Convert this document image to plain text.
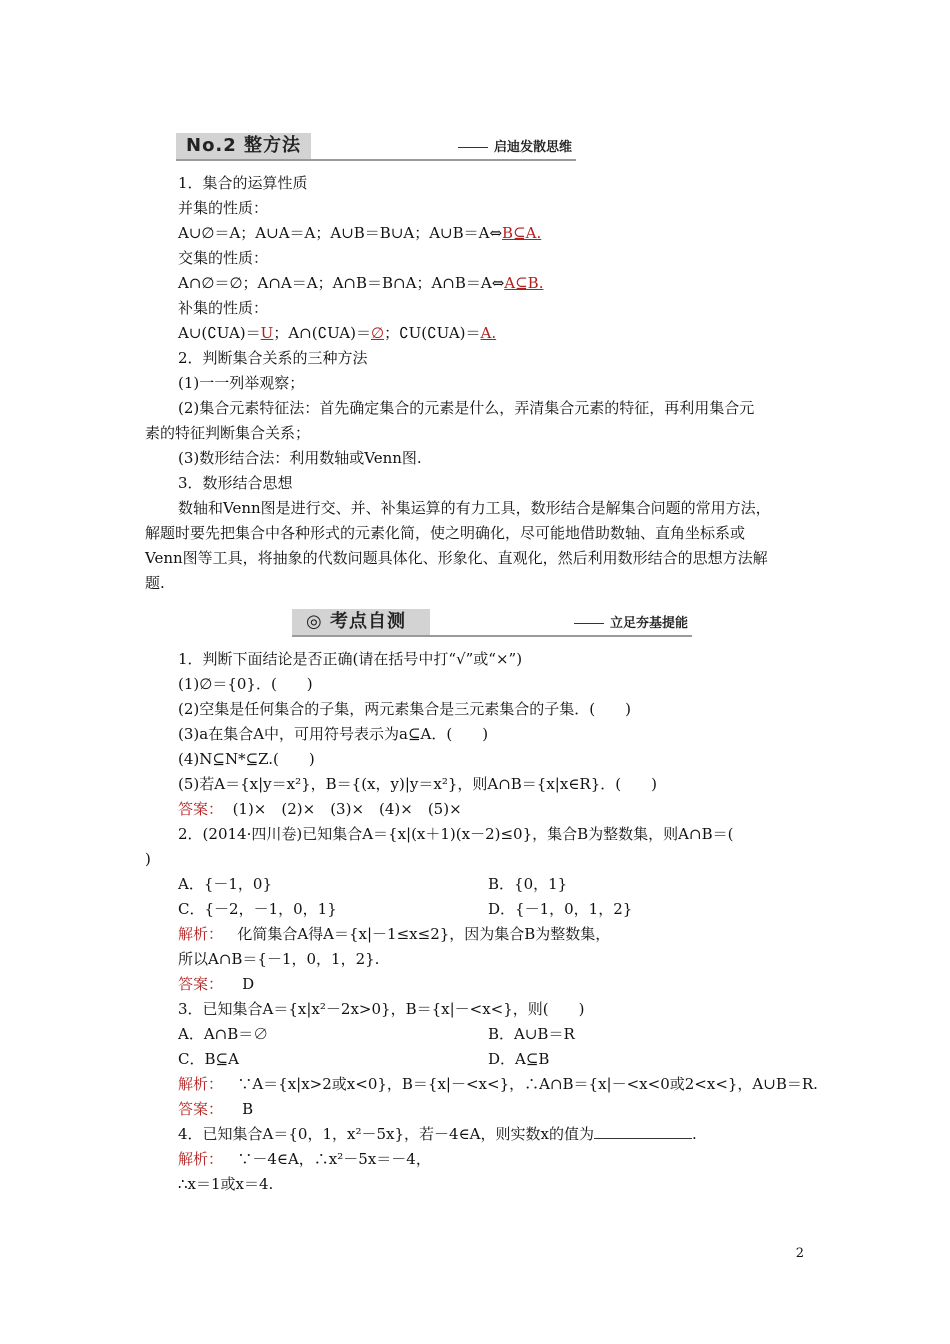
No.2 整方法	启迪发散思维
1．集合的运算性质
并集的性质：
A∪∅＝A；A∪A＝A；A∪B＝B∪A；A∪B＝A⇔B⊆A.
交集的性质：
A∩∅＝∅；A∩A＝A；A∩B＝B∩A；A∩B＝A⇔A⊆B.
补集的性质：
A∪(∁UA)＝U；A∩(∁UA)＝∅；∁U(∁UA)＝A.
2．判断集合关系的三种方法
(1)一一列举观察；
(2)集合元素特征法：首先确定集合的元素是什么，弄清集合元素的特征，再利用集合元
素的特征判断集合关系；
(3)数形结合法：利用数轴或Venn图.
3．数形结合思想
数轴和Venn图是进行交、并、补集运算的有力工具，数形结合是解集合问题的常用方法，
解题时要先把集合中各种形式的元素化简，使之明确化，尽可能地借助数轴、直角坐标系或
Venn图等工具，将抽象的代数问题具体化、形象化、直观化，然后利用数形结合的思想方法解
题.
◎ 考点自测	立足夯基提能
1．判断下面结论是否正确(请在括号中打“√”或“×”)
(1)∅＝{0}．(　　)
(2)空集是任何集合的子集，两元素集合是三元素集合的子集．(　　)
(3)a在集合A中，可用符号表示为a⊆A．(　　)
(4)N⊆N*⊆Z.(　　)
(5)若A＝{x|y＝x²}，B＝{(x，y)|y＝x²}，则A∩B＝{x|x∈R}．(　　)
答案： (1)×　(2)×　(3)×　(4)×　(5)×
2．(2014·四川卷)已知集合A＝{x|(x＋1)(x－2)≤0}，集合B为整数集，则A∩B＝(
)
A．{－1，0}	B．{0，1}
C．{－2，－1，0，1}	D．{－1，0，1，2}
解析： 化简集合A得A＝{x|－1≤x≤2}，因为集合B为整数集，
所以A∩B＝{－1，0，1，2}.
答案： D
3．已知集合A＝{x|x²－2x>0}，B＝{x|－<x<}，则(　　)
A．A∩B＝∅	B．A∪B＝R
C．B⊆A	D．A⊆B
解析： ∵A＝{x|x>2或x<0}，B＝{x|－<x<}，∴A∩B＝{x|－<x<0或2<x<}，A∪B＝R.
答案： B
4．已知集合A＝{0，1，x²－5x}，若－4∈A，则实数x的值为	.
解析： ∵－4∈A，∴x²－5x＝－4，
∴x＝1或x＝4.
2
